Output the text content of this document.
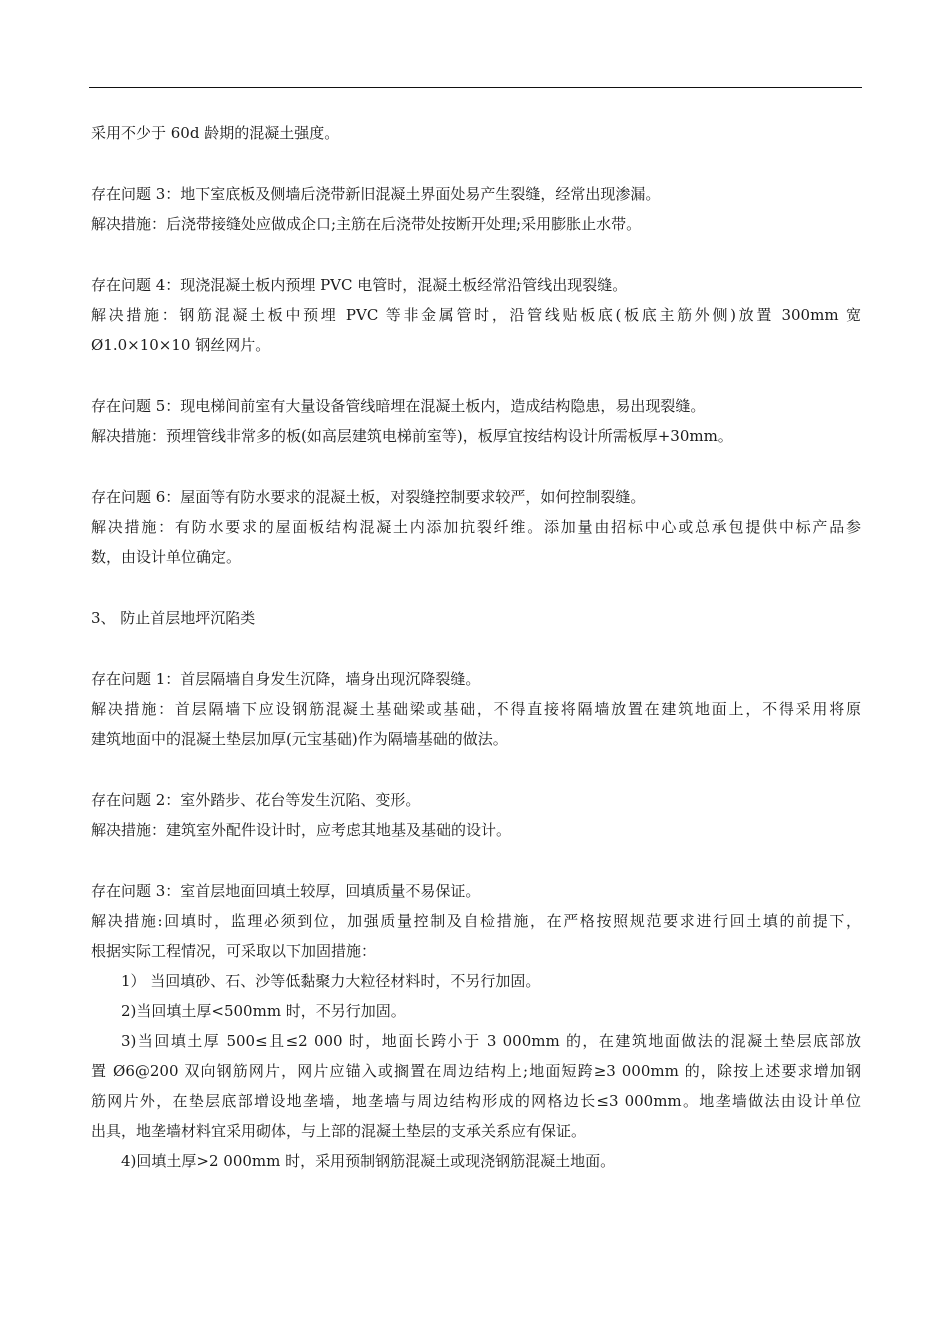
采用不少于 60d 龄期的混凝土强度。
存在问题 3：地下室底板及侧墙后浇带新旧混凝土界面处易产生裂缝，经常出现渗漏。
解决措施：后浇带接缝处应做成企口;主筋在后浇带处按断开处理;采用膨胀止水带。
存在问题 4：现浇混凝土板内预埋 PVC 电管时，混凝土板经常沿管线出现裂缝。
解决措施：钢筋混凝土板中预埋 PVC 等非金属管时，沿管线贴板底(板底主筋外侧)放置 300mm 宽
Ø1.0×10×10 钢丝网片。
存在问题 5：现电梯间前室有大量设备管线暗埋在混凝土板内，造成结构隐患，易出现裂缝。
解决措施：预埋管线非常多的板(如高层建筑电梯前室等)，板厚宜按结构设计所需板厚+30mm。
存在问题 6：屋面等有防水要求的混凝土板，对裂缝控制要求较严，如何控制裂缝。
解决措施：有防水要求的屋面板结构混凝土内添加抗裂纤维。添加量由招标中心或总承包提供中标产品参
数，由设计单位确定。
3、 防止首层地坪沉陷类
存在问题 1：首层隔墙自身发生沉降，墙身出现沉降裂缝。
解决措施：首层隔墙下应设钢筋混凝土基础梁或基础，不得直接将隔墙放置在建筑地面上，不得采用将原
建筑地面中的混凝土垫层加厚(元宝基础)作为隔墙基础的做法。
存在问题 2：室外踏步、花台等发生沉陷、变形。
解决措施：建筑室外配件设计时，应考虑其地基及基础的设计。
存在问题 3：室首层地面回填土较厚，回填质量不易保证。
解决措施:回填时，监理必须到位，加强质量控制及自检措施，在严格按照规范要求进行回土填的前提下，
根据实际工程情况，可采取以下加固措施：
1） 当回填砂、石、沙等低黏聚力大粒径材料时，不另行加固。
2)当回填土厚<500mm 时，不另行加固。
3)当回填土厚 500≤且≤2 000 时，地面长跨小于 3 000mm 的，在建筑地面做法的混凝土垫层底部放
置 Ø6@200 双向钢筋网片，网片应锚入或搁置在周边结构上;地面短跨≥3 000mm 的，除按上述要求增加钢
筋网片外，在垫层底部增设地垄墙，地垄墙与周边结构形成的网格边长≤3 000mm。地垄墙做法由设计单位
出具，地垄墙材料宜采用砌体，与上部的混凝土垫层的支承关系应有保证。
4)回填土厚>2 000mm 时，采用预制钢筋混凝土或现浇钢筋混凝土地面。
